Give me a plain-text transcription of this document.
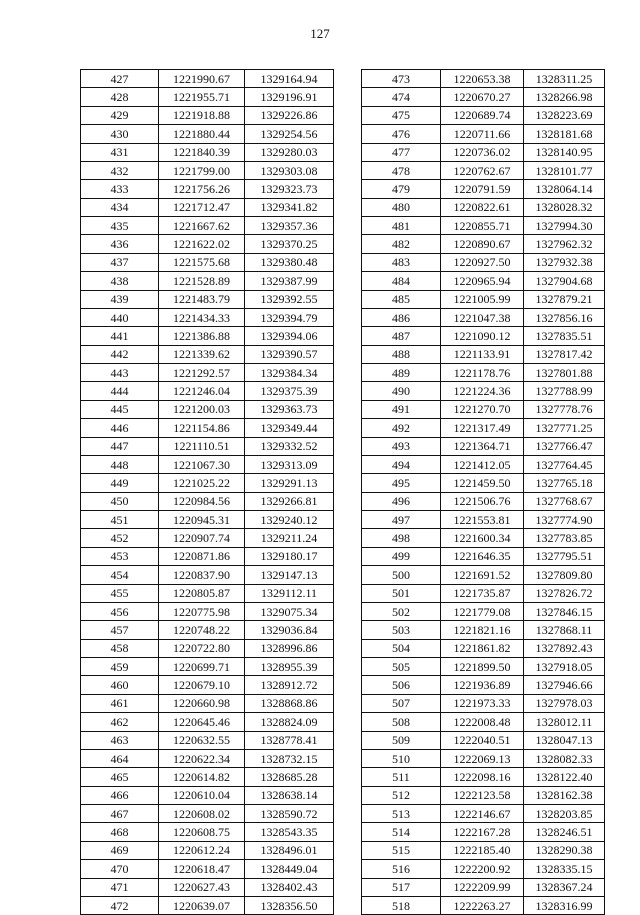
127
427	1221990.67	1329164.94
428	1221955.71	1329196.91
429	1221918.88	1329226.86
430	1221880.44	1329254.56
431	1221840.39	1329280.03
432	1221799.00	1329303.08
433	1221756.26	1329323.73
434	1221712.47	1329341.82
435	1221667.62	1329357.36
436	1221622.02	1329370.25
437	1221575.68	1329380.48
438	1221528.89	1329387.99
439	1221483.79	1329392.55
440	1221434.33	1329394.79
441	1221386.88	1329394.06
442	1221339.62	1329390.57
443	1221292.57	1329384.34
444	1221246.04	1329375.39
445	1221200.03	1329363.73
446	1221154.86	1329349.44
447	1221110.51	1329332.52
448	1221067.30	1329313.09
449	1221025.22	1329291.13
450	1220984.56	1329266.81
451	1220945.31	1329240.12
452	1220907.74	1329211.24
453	1220871.86	1329180.17
454	1220837.90	1329147.13
455	1220805.87	1329112.11
456	1220775.98	1329075.34
457	1220748.22	1329036.84
458	1220722.80	1328996.86
459	1220699.71	1328955.39
460	1220679.10	1328912.72
461	1220660.98	1328868.86
462	1220645.46	1328824.09
463	1220632.55	1328778.41
464	1220622.34	1328732.15
465	1220614.82	1328685.28
466	1220610.04	1328638.14
467	1220608.02	1328590.72
468	1220608.75	1328543.35
469	1220612.24	1328496.01
470	1220618.47	1328449.04
471	1220627.43	1328402.43
472	1220639.07	1328356.50
473	1220653.38	1328311.25
474	1220670.27	1328266.98
475	1220689.74	1328223.69
476	1220711.66	1328181.68
477	1220736.02	1328140.95
478	1220762.67	1328101.77
479	1220791.59	1328064.14
480	1220822.61	1328028.32
481	1220855.71	1327994.30
482	1220890.67	1327962.32
483	1220927.50	1327932.38
484	1220965.94	1327904.68
485	1221005.99	1327879.21
486	1221047.38	1327856.16
487	1221090.12	1327835.51
488	1221133.91	1327817.42
489	1221178.76	1327801.88
490	1221224.36	1327788.99
491	1221270.70	1327778.76
492	1221317.49	1327771.25
493	1221364.71	1327766.47
494	1221412.05	1327764.45
495	1221459.50	1327765.18
496	1221506.76	1327768.67
497	1221553.81	1327774.90
498	1221600.34	1327783.85
499	1221646.35	1327795.51
500	1221691.52	1327809.80
501	1221735.87	1327826.72
502	1221779.08	1327846.15
503	1221821.16	1327868.11
504	1221861.82	1327892.43
505	1221899.50	1327918.05
506	1221936.89	1327946.66
507	1221973.33	1327978.03
508	1222008.48	1328012.11
509	1222040.51	1328047.13
510	1222069.13	1328082.33
511	1222098.16	1328122.40
512	1222123.58	1328162.38
513	1222146.67	1328203.85
514	1222167.28	1328246.51
515	1222185.40	1328290.38
516	1222200.92	1328335.15
517	1222209.99	1328367.24
518	1222263.27	1328316.99
